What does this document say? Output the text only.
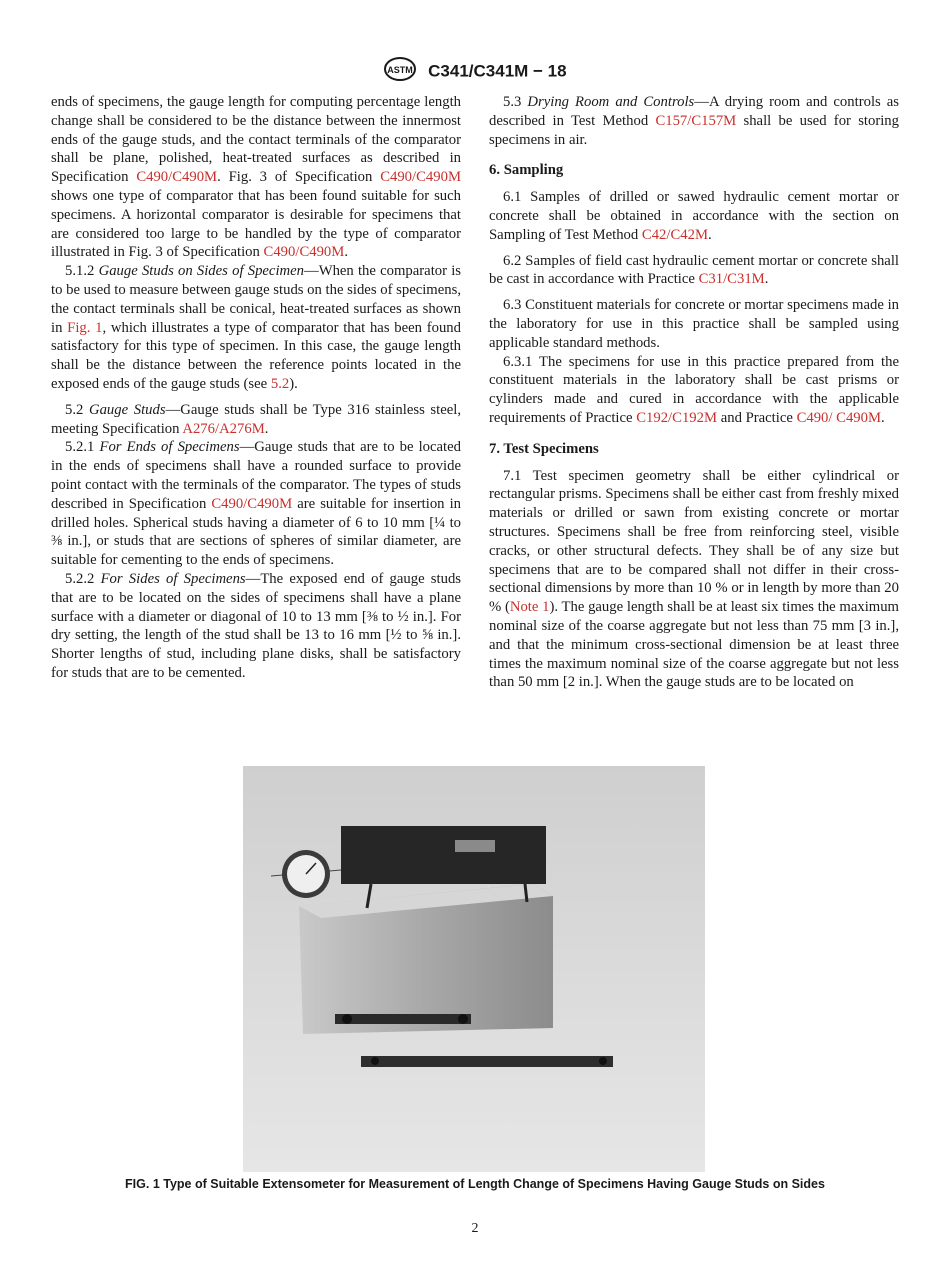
ASTM C341/C341M − 18

ends of specimens, the gauge length for computing percentage length change shall be considered to be the distance between the innermost ends of the gauge studs, and the contact terminals of the comparator shall be plane, polished, heat-treated surfaces as described in Specification C490/C490M. Fig. 3 of Specification C490/C490M shows one type of comparator that has been found suitable for such specimens. A horizontal comparator is desirable for specimens that are considered too large to be handled by the type of comparator illustrated in Fig. 3 of Specification C490/C490M.

5.1.2 Gauge Studs on Sides of Specimen—When the comparator is to be used to measure between gauge studs on the sides of specimens, the contact terminals shall be conical, heat-treated surfaces as shown in Fig. 1, which illustrates a type of comparator that has been found satisfactory for this type of specimen. In this case, the gauge length shall be the distance between the reference points located in the exposed ends of the gauge studs (see 5.2).

5.2 Gauge Studs—Gauge studs shall be Type 316 stainless steel, meeting Specification A276/A276M.

5.2.1 For Ends of Specimens—Gauge studs that are to be located in the ends of specimens shall have a rounded surface to provide point contact with the terminals of the comparator. The types of studs described in Specification C490/C490M are suitable for insertion in drilled holes. Spherical studs having a diameter of 6 to 10 mm [¼ to ⅜ in.], or studs that are sections of spheres of similar diameter, are suitable for cementing to the ends of specimens.

5.2.2 For Sides of Specimens—The exposed end of gauge studs that are to be located on the sides of specimens shall have a plane surface with a diameter or diagonal of 10 to 13 mm [⅜ to ½ in.]. For dry setting, the length of the stud shall be 13 to 16 mm [½ to ⅝ in.]. Shorter lengths of stud, including plane disks, shall be satisfactory for studs that are to be cemented.

5.3 Drying Room and Controls—A drying room and controls as described in Test Method C157/C157M shall be used for storing specimens in air.

6. Sampling

6.1 Samples of drilled or sawed hydraulic cement mortar or concrete shall be obtained in accordance with the section on Sampling of Test Method C42/C42M.

6.2 Samples of field cast hydraulic cement mortar or concrete shall be cast in accordance with Practice C31/C31M.

6.3 Constituent materials for concrete or mortar specimens made in the laboratory for use in this practice shall be sampled using applicable standard methods.

6.3.1 The specimens for use in this practice prepared from the constituent materials in the laboratory shall be cast prisms or cylinders made and cured in accordance with the applicable requirements of Practice C192/C192M and Practice C490/ C490M.

7. Test Specimens

7.1 Test specimen geometry shall be either cylindrical or rectangular prisms. Specimens shall be either cast from freshly mixed materials or drilled or sawn from existing concrete or mortar structures. Specimens shall be free from reinforcing steel, visible cracks, or other structural defects. They shall be of any size but specimens that are to be compared shall not differ in their cross-sectional dimensions by more than 10 % or in length by more than 20 % (Note 1). The gauge length shall be at least six times the maximum nominal size of the coarse aggregate but not less than 75 mm [3 in.], and that the minimum cross-sectional dimension be at least three times the maximum nominal size of the coarse aggregate but not less than 50 mm [2 in.]. When the gauge studs are to be located on

FIG. 1 Type of Suitable Extensometer for Measurement of Length Change of Specimens Having Gauge Studs on Sides
2
